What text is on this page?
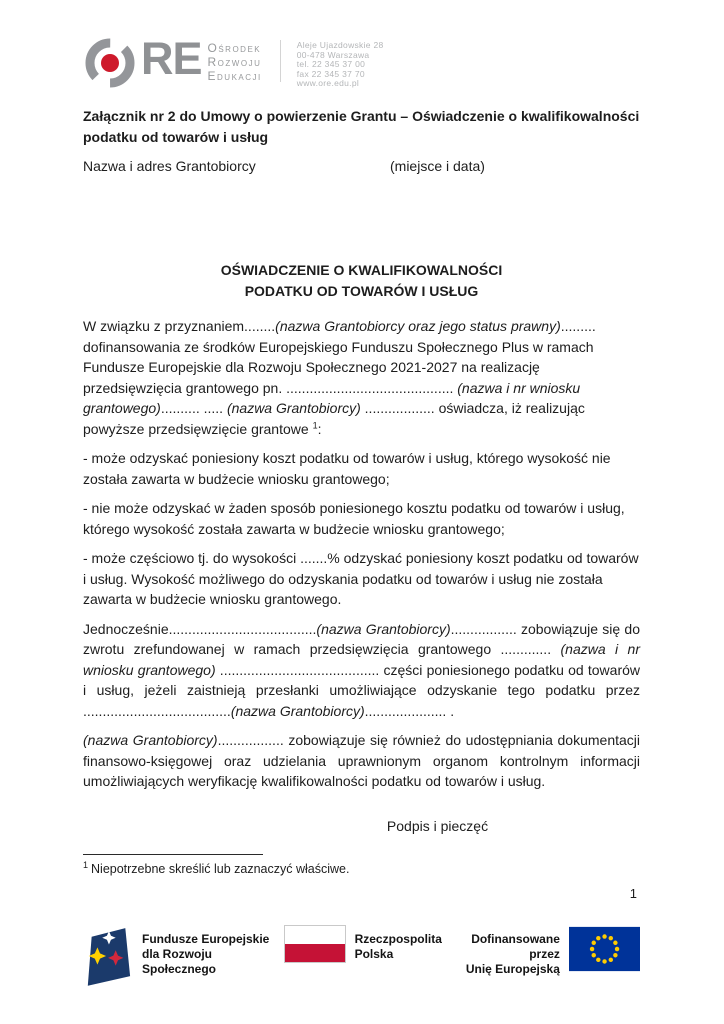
RE Ośrodek
Rozwoju
Edukacji
Aleje Ujazdowskie 28
00-478 Warszawa
tel. 22 345 37 00
fax 22 345 37 70
www.ore.edu.pl

Załącznik nr 2 do Umowy o powierzenie Grantu – Oświadczenie o kwalifikowalności podatku od towarów i usług

Nazwa i adres Grantobiorcy	(miejsce i data)
OŚWIADCZENIE O KWALIFIKOWALNOŚCI
PODATKU OD TOWARÓW I USŁUG

W związku z przyznaniem........(nazwa Grantobiorcy oraz jego status prawny)......... dofinansowania ze środków Europejskiego Funduszu Społecznego Plus w ramach Fundusze Europejskie dla Rozwoju Społecznego 2021-2027 na realizację przedsięwzięcia grantowego pn. ........................................... (nazwa i nr wniosku grantowego).......... ..... (nazwa Grantobiorcy) .................. oświadcza, iż realizując powyższe przedsięwzięcie grantowe $^1$:

- może odzyskać poniesiony koszt podatku od towarów i usług, którego wysokość nie została zawarta w budżecie wniosku grantowego;

- nie może odzyskać w żaden sposób poniesionego kosztu podatku od towarów i usług, którego wysokość została zawarta w budżecie wniosku grantowego;

- może częściowo tj. do wysokości .......% odzyskać poniesiony koszt podatku od towarów i usług. Wysokość możliwego do odzyskania podatku od towarów i usług nie została zawarta w budżecie wniosku grantowego.

Jednocześnie......................................(nazwa Grantobiorcy)................. zobowiązuje się do zwrotu zrefundowanej w ramach przedsięwzięcia grantowego ............. (nazwa i nr wniosku grantowego) ......................................... części poniesionego podatku od towarów i usług, jeżeli zaistnieją przesłanki umożliwiające odzyskanie tego podatku przez ......................................(nazwa Grantobiorcy)..................... .

(nazwa Grantobiorcy)................. zobowiązuje się również do udostępniania dokumentacji finansowo-księgowej oraz udzielania uprawnionym organom kontrolnym informacji umożliwiających weryfikację kwalifikowalności podatku od towarów i usług.

Podpis i pieczęć
$^1$ Niepotrzebne skreślić lub zaznaczyć właściwe.
1
Fundusze Europejskie
dla Rozwoju Społecznego
Rzeczpospolita
Polska
Dofinansowane przez
Unię Europejską
